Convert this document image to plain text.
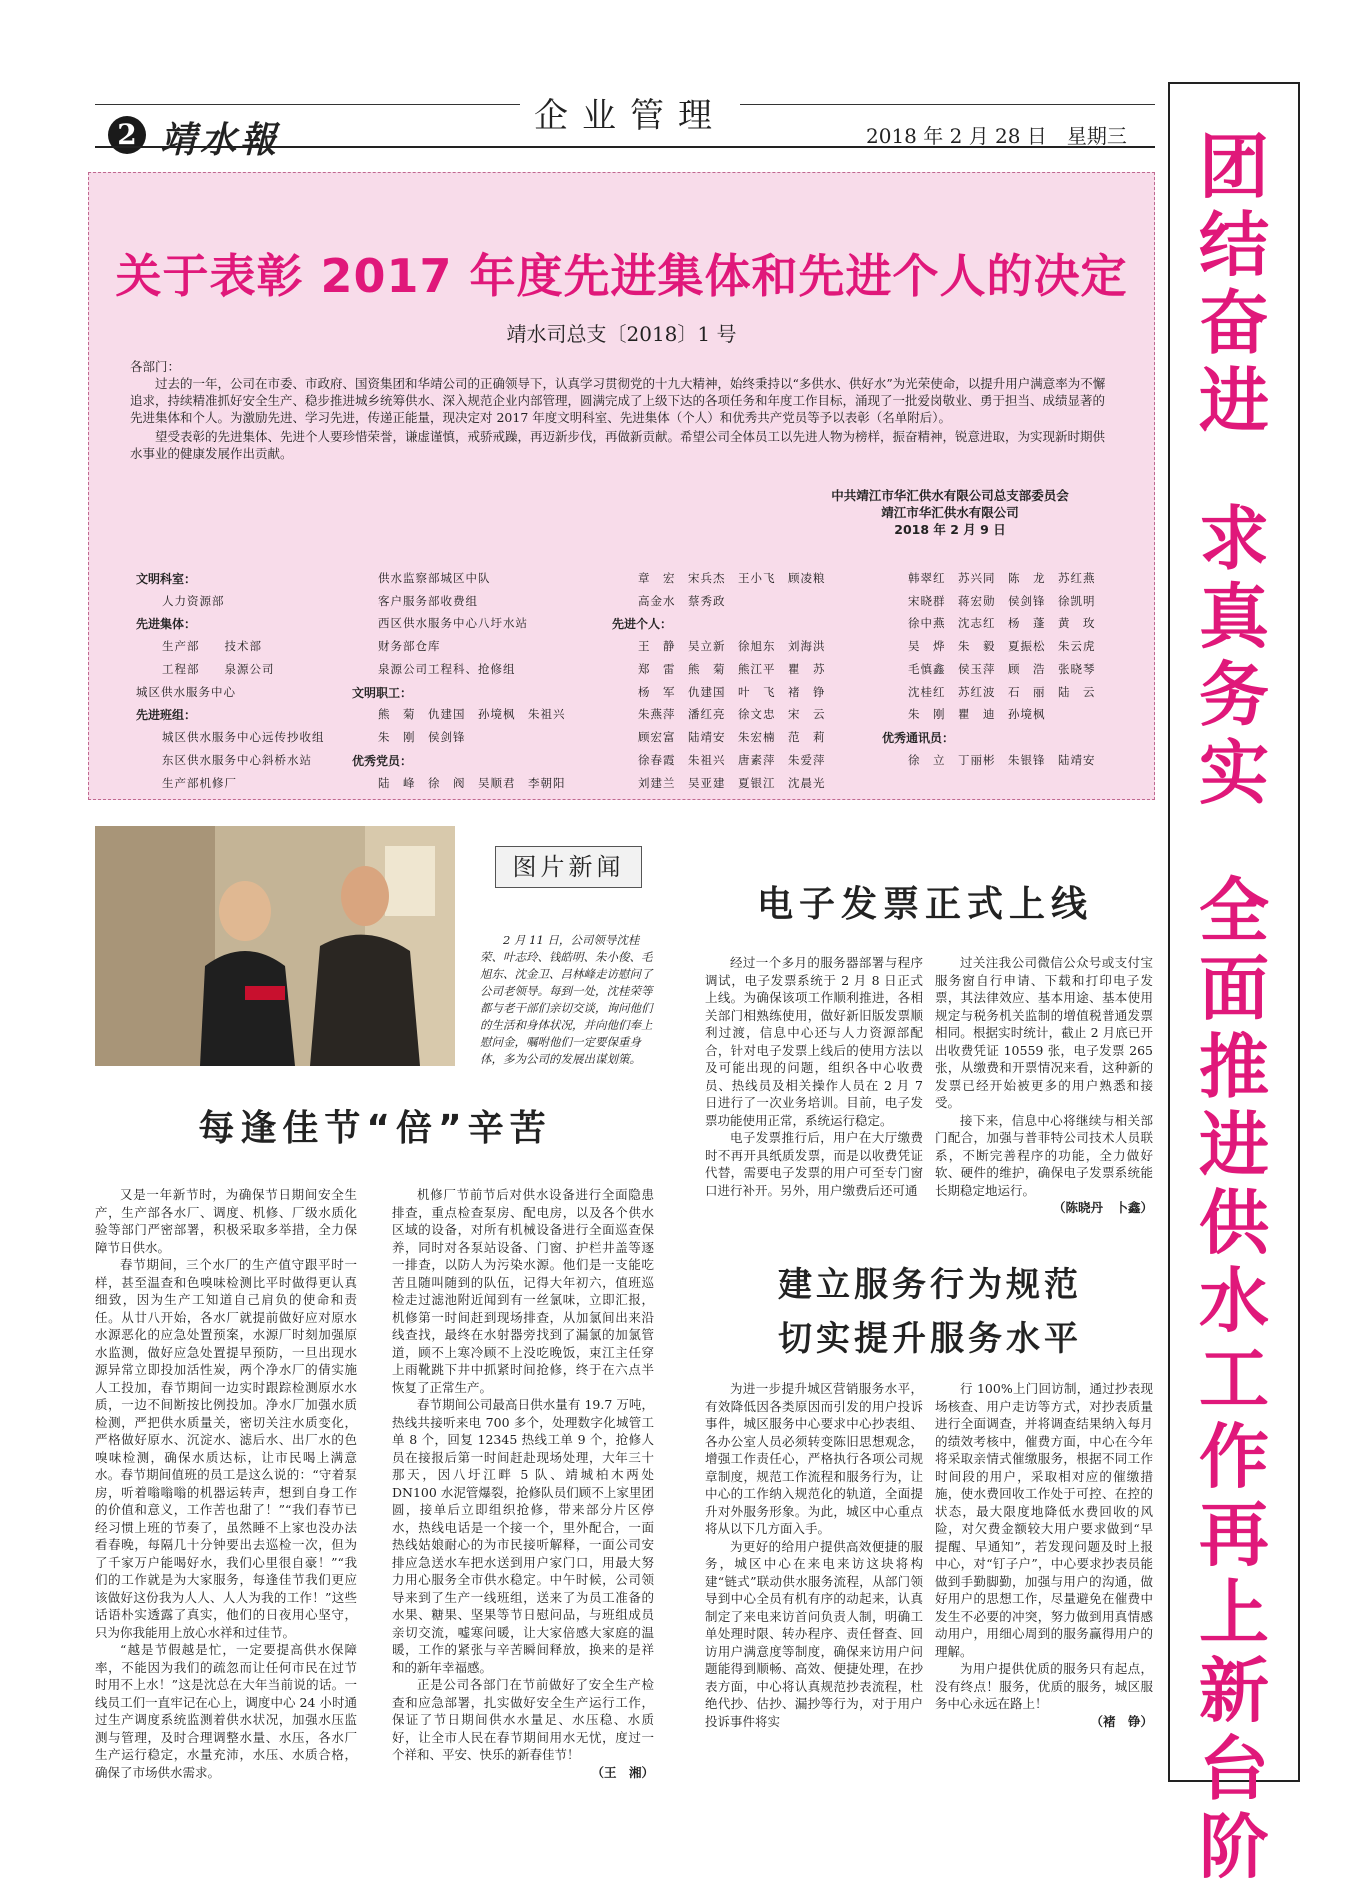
企业管理
2 靖水報	2018 年 2 月 28 日　星期三
关于表彰 2017 年度先进集体和先进个人的决定
靖水司总支〔2018〕1 号
各部门：
过去的一年，公司在市委、市政府、国资集团和华靖公司的正确领导下，认真学习贯彻党的十九大精神，始终秉持以“多供水、供好水”为光荣使命，以提升用户满意率为不懈追求，持续精准抓好安全生产、稳步推进城乡统筹供水、深入规范企业内部管理，圆满完成了上级下达的各项任务和年度工作目标，涌现了一批爱岗敬业、勇于担当、成绩显著的先进集体和个人。为激励先进、学习先进，传递正能量，现决定对 2017 年度文明科室、先进集体（个人）和优秀共产党员等予以表彰（名单附后）。
望受表彰的先进集体、先进个人要珍惜荣誉，谦虚谨慎，戒骄戒躁，再迈新步伐，再做新贡献。希望公司全体员工以先进人物为榜样，振奋精神，锐意进取，为实现新时期供水事业的健康发展作出贡献。
中共靖江市华汇供水有限公司总支部委员会
靖江市华汇供水有限公司
2018 年 2 月 9 日
文明科室：
人力资源部
先进集体：
生产部　　技术部
工程部　　泉源公司
城区供水服务中心
先进班组：
城区供水服务中心远传抄收组
东区供水服务中心斜桥水站
生产部机修厂
供水监察部城区中队
客户服务部收费组
西区供水服务中心八圩水站
财务部仓库
泉源公司工程科、抢修组
文明职工：
熊　菊　仇建国　孙境枫　朱祖兴
朱　刚　侯剑锋
优秀党员：
陆　峰　徐　阀　吴顺君　李朝阳
章　宏　宋兵杰　王小飞　顾凌粮
高金水　蔡秀政
先进个人：
王　静　吴立新　徐旭东　刘海洪
郑　雷　熊　菊　熊江平　瞿　苏
杨　军　仇建国　叶　飞　褚　铮
朱燕萍　潘红亮　徐文忠　宋　云
顾宏富　陆靖安　朱宏楠　范　莉
徐春霞　朱祖兴　唐素萍　朱爱萍
刘建兰　吴亚建　夏银江　沈晨光
韩翠红　苏兴同　陈　龙　苏红燕
宋晓群　蒋宏勋　侯剑锋　徐凯明
徐中燕　沈志红　杨　蓬　黄　玫
吴　烨　朱　毅　夏振松　朱云虎
毛慎鑫　侯玉萍　顾　浩　张晓琴
沈桂红　苏红波　石　丽　陆　云
朱　刚　瞿　迪　孙境枫
优秀通讯员：
徐　立　丁丽彬　朱银锋　陆靖安
图片新闻
2 月 11 日，公司领导沈桂荣、叶志玲、钱皓明、朱小俊、毛旭东、沈金卫、吕林峰走访慰问了公司老领导。每到一处，沈桂荣等都与老干部们亲切交谈，询问他们的生活和身体状况，并向他们奉上慰问金，嘱咐他们一定要保重身体，多为公司的发展出谋划策。
每逢佳节“倍”辛苦

又是一年新节时，为确保节日期间安全生产，生产部各水厂、调度、机修、厂级水质化验等部门严密部署，积极采取多举措，全力保障节日供水。

春节期间，三个水厂的生产值守跟平时一样，甚至温查和色嗅味检测比平时做得更认真细致，因为生产工知道自己肩负的使命和责任。从廿八开始，各水厂就提前做好应对原水水源恶化的应急处置预案，水源厂时刻加强原水监测，做好应急处置提早预防，一旦出现水源异常立即投加活性炭，两个净水厂的倩实施人工投加，春节期间一边实时跟踪检测原水水质，一边不间断按比例投加。净水厂加强水质检测，严把供水质量关，密切关注水质变化，严格做好原水、沉淀水、滤后水、出厂水的色嗅味检测，确保水质达标，让市民喝上满意水。春节期间值班的员工是这么说的：“守着泵房，听着嗡嗡嗡的机器运转声，想到自身工作的价值和意义，工作苦也甜了！”“我们春节已经习惯上班的节奏了，虽然睡不上家也没办法看春晚，每隔几十分钟要出去巡检一次，但为了千家万户能喝好水，我们心里很自豪！”“我们的工作就是为大家服务，每逢佳节我们更应该做好这份我为人人、人人为我的工作！”这些话语朴实透露了真实，他们的日夜用心坚守，只为你我能用上放心水祥和过佳节。

“越是节假越是忙，一定要提高供水保障率，不能因为我们的疏忽而让任何市民在过节时用不上水！”这是沈总在大年当前说的话。一线员工们一直牢记在心上，调度中心 24 小时通过生产调度系统监测着供水状况，加强水压监测与管理，及时合理调整水量、水压，各水厂生产运行稳定，水量充沛，水压、水质合格，确保了市场供水需求。

机修厂节前节后对供水设备进行全面隐患排查，重点检查泵房、配电房，以及各个供水区域的设备，对所有机械设备进行全面巡查保养，同时对各泵站设备、门窗、护栏井盖等逐一排查，以防人为污染水源。他们是一支能吃苦且随叫随到的队伍，记得大年初六，值班巡检走过滤池附近闻到有一丝氯味，立即汇报，机修第一时间赶到现场排查，从加氯间出来沿线查找，最终在水射器旁找到了漏氯的加氯管道，顾不上寒冷顾不上没吃晚饭，束江主任穿上雨靴跳下井中抓紧时间抢修，终于在六点半恢复了正常生产。

春节期间公司最高日供水量有 19.7 万吨，热线共接听来电 700 多个，处理数字化城管工单 8 个，回复 12345 热线工单 9 个，抢修人员在接报后第一时间赶赴现场处理，大年三十那天，因八圩江畔 5 队、靖城柏木两处 DN100 水泥管爆裂，抢修队员们顾不上家里团圆，接单后立即组织抢修，带来部分片区停水，热线电话是一个接一个，里外配合，一面热线姑娘耐心的为市民接听解释，一面公司安排应急送水车把水送到用户家门口，用最大努力用心服务全市供水稳定。中午时候，公司领导来到了生产一线班组，送来了为员工准备的水果、糖果、坚果等节日慰问品，与班组成员亲切交流，嘘寒问暖，让大家倍感大家庭的温暖，工作的紧张与辛苦瞬间释放，换来的是祥和的新年幸福感。

正是公司各部门在节前做好了安全生产检查和应急部署，扎实做好安全生产运行工作，保证了节日期间供水水量足、水压稳、水质好，让全市人民在春节期间用水无忧，度过一个祥和、平安、快乐的新春佳节！

（王　湘）
电子发票正式上线

经过一个多月的服务器部署与程序调试，电子发票系统于 2 月 8 日正式上线。为确保该项工作顺利推进，各相关部门相熟练使用，做好新旧版发票顺利过渡，信息中心还与人力资源部配合，针对电子发票上线后的使用方法以及可能出现的问题，组织各中心收费员、热线员及相关操作人员在 2 月 7 日进行了一次业务培训。目前，电子发票功能使用正常，系统运行稳定。

电子发票推行后，用户在大厅缴费时不再开具纸质发票，而是以收费凭证代替，需要电子发票的用户可至专门窗口进行补开。另外，用户缴费后还可通

过关注我公司微信公众号或支付宝服务窗自行申请、下载和打印电子发票，其法律效应、基本用途、基本使用规定与税务机关监制的增值税普通发票相同。根据实时统计，截止 2 月底已开出收费凭证 10559 张，电子发票 265 张，从缴费和开票情况来看，这种新的发票已经开始被更多的用户熟悉和接受。

接下来，信息中心将继续与相关部门配合，加强与普菲特公司技术人员联系，不断完善程序的功能，全力做好软、硬件的维护，确保电子发票系统能长期稳定地运行。

（陈晓丹　卜鑫）
建立服务行为规范
切实提升服务水平

为进一步提升城区营销服务水平，有效降低因各类原因而引发的用户投诉事件，城区服务中心要求中心抄表组、各办公室人员必须转变陈旧思想观念，增强工作责任心，严格执行各项公司规章制度，规范工作流程和服务行为，让中心的工作纳入规范化的轨道，全面提升对外服务形象。为此，城区中心重点将从以下几方面入手。

为更好的给用户提供高效便捷的服务，城区中心在来电来访这块将构建“链式”联动供水服务流程，从部门领导到中心全员有机有序的动起来，认真制定了来电来访首问负责人制，明确工单处理时限、转办程序、责任督查、回访用户满意度等制度，确保来访用户问题能得到顺畅、高效、便捷处理，在抄表方面，中心将认真规范抄表流程，杜绝代抄、估抄、漏抄等行为，对于用户投诉事件将实

行 100%上门回访制，通过抄表现场核查、用户走访等方式，对抄表质量进行全面调查，并将调查结果纳入每月的绩效考核中，催费方面，中心在今年将采取亲情式催缴服务，根据不同工作时间段的用户，采取相对应的催缴措施，使水费回收工作处于可控、在控的状态，最大限度地降低水费回收的风险，对欠费金额较大用户要求做到“早提醒、早通知”，若发现问题及时上报中心，对“钉子户”，中心要求抄表员能做到手勤脚勤，加强与用户的沟通，做好用户的思想工作，尽量避免在催费中发生不必要的冲突，努力做到用真情感动用户，用细心周到的服务赢得用户的理解。

为用户提供优质的服务只有起点，没有终点！服务，优质的服务，城区服务中心永远在路上！

（褚　铮）
团结奋进
求真务实
全面推进供水工作再上新台阶
